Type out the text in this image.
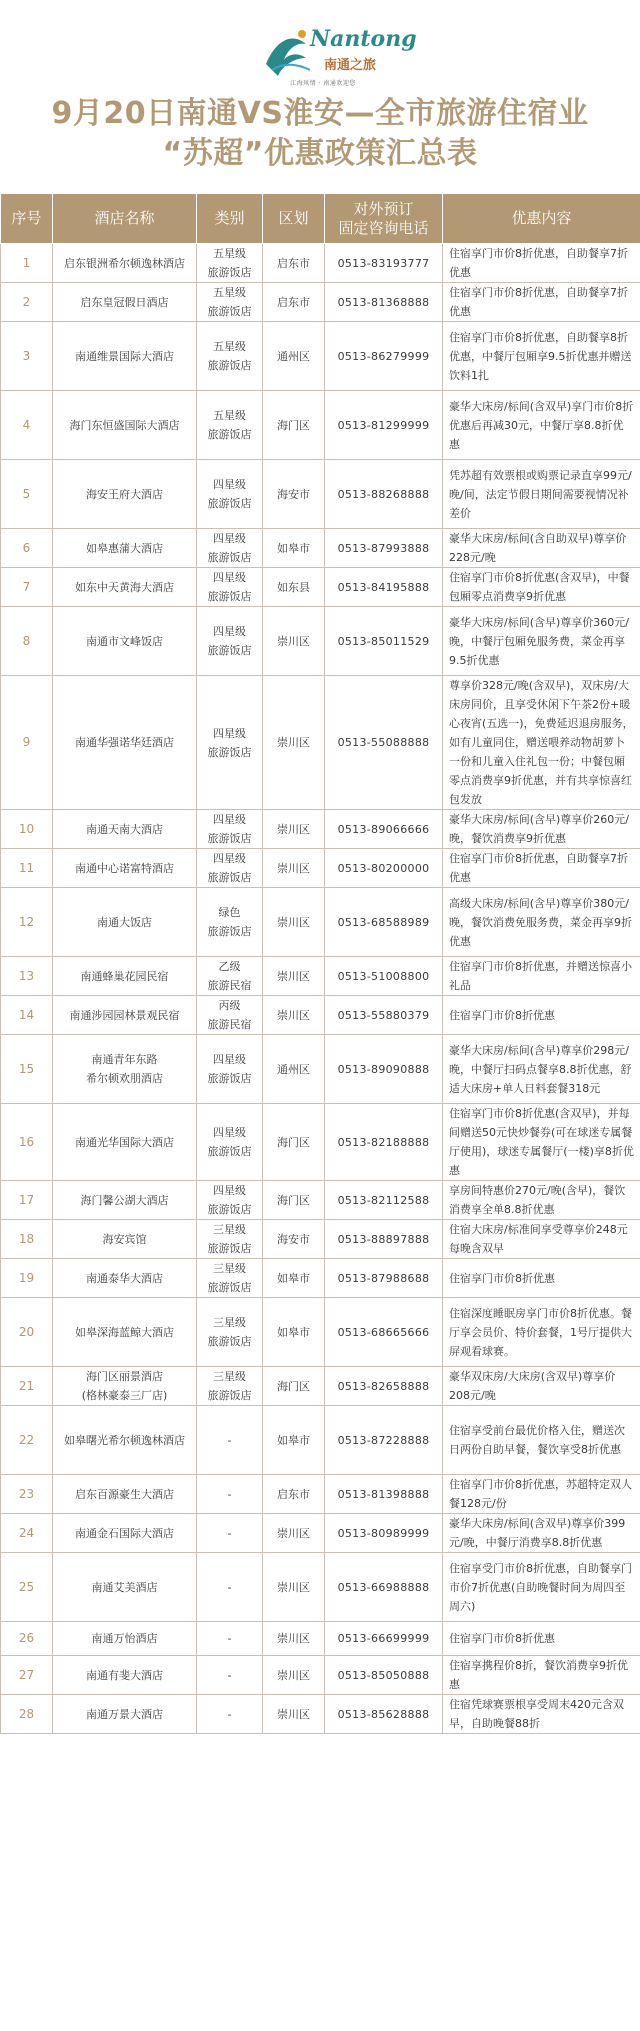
Nantong
南通之旅
江海风情 · 南通欢迎您
9月20日南通VS淮安—全市旅游住宿业
“苏超”优惠政策汇总表
序号	酒店名称	类别	区划	对外预订
固定咨询电话	优惠内容
1	启东银洲希尔顿逸林酒店	五星级
旅游饭店	启东市	0513-83193777	住宿享门市价8折优惠，自助餐享7折优惠
2	启东皇冠假日酒店	五星级
旅游饭店	启东市	0513-81368888	住宿享门市价8折优惠，自助餐享7折优惠
3	南通维景国际大酒店	五星级
旅游饭店	通州区	0513-86279999	住宿享门市价8折优惠，自助餐享8折优惠，中餐厅包厢享9.5折优惠并赠送饮料1扎
4	海门东恒盛国际大酒店	五星级
旅游饭店	海门区	0513-81299999	豪华大床房/标间(含双早)享门市价8折优惠后再减30元，中餐厅享8.8折优惠
5	海安王府大酒店	四星级
旅游饭店	海安市	0513-88268888	凭苏超有效票根或购票记录直享99元/晚/间，法定节假日期间需要视情况补差价
6	如皋惠蒲大酒店	四星级
旅游饭店	如皋市	0513-87993888	豪华大床房/标间(含自助双早)尊享价228元/晚
7	如东中天黄海大酒店	四星级
旅游饭店	如东县	0513-84195888	住宿享门市价8折优惠(含双早)，中餐包厢零点消费享9折优惠
8	南通市文峰饭店	四星级
旅游饭店	崇川区	0513-85011529	豪华大床房/标间(含早)尊享价360元/晚，中餐厅包厢免服务费，菜金再享9.5折优惠
9	南通华强诺华廷酒店	四星级
旅游饭店	崇川区	0513-55088888	尊享价328元/晚(含双早)，双床房/大床房同价，且享受休闲下午茶2份+暖心夜宵(五选一)，免费延迟退房服务，如有儿童同住，赠送喂养动物胡萝卜一份和儿童入住礼包一份；中餐包厢零点消费享9折优惠，并有共享惊喜红包发放
10	南通天南大酒店	四星级
旅游饭店	崇川区	0513-89066666	豪华大床房/标间(含早)尊享价260元/晚，餐饮消费享9折优惠
11	南通中心诺富特酒店	四星级
旅游饭店	崇川区	0513-80200000	住宿享门市价8折优惠，自助餐享7折优惠
12	南通大饭店	绿色
旅游饭店	崇川区	0513-68588989	高级大床房/标间(含早)尊享价380元/晚，餐饮消费免服务费，菜金再享9折优惠
13	南通蜂巢花园民宿	乙级
旅游民宿	崇川区	0513-51008800	住宿享门市价8折优惠，并赠送惊喜小礼品
14	南通涉园园林景观民宿	丙级
旅游民宿	崇川区	0513-55880379	住宿享门市价8折优惠
15	南通青年东路
希尔顿欢朋酒店	四星级
旅游饭店	通州区	0513-89090888	豪华大床房/标间(含早)尊享价298元/晚，中餐厅扫码点餐享8.8折优惠，舒适大床房+单人日料套餐318元
16	南通光华国际大酒店	四星级
旅游饭店	海门区	0513-82188888	住宿享门市价8折优惠(含双早)，并每间赠送50元快炒餐券(可在球迷专属餐厅使用)，球迷专属餐厅(一楼)享8折优惠
17	海门馨公湖大酒店	四星级
旅游饭店	海门区	0513-82112588	享房间特惠价270元/晚(含早)，餐饮消费享全单8.8折优惠
18	海安宾馆	三星级
旅游饭店	海安市	0513-88897888	住宿大床房/标准间享受尊享价248元每晚含双早
19	南通泰华大酒店	三星级
旅游饭店	如皋市	0513-87988688	住宿享门市价8折优惠
20	如皋深海蓝鲸大酒店	三星级
旅游饭店	如皋市	0513-68665666	住宿深度睡眠房享门市价8折优惠。餐厅享会员价、特价套餐，1号厅提供大屏观看球赛。
21	海门区丽景酒店
(格林豪泰三厂店)	三星级
旅游饭店	海门区	0513-82658888	豪华双床房/大床房(含双早)尊享价208元/晚
22	如皋曙光希尔顿逸林酒店	-	如皋市	0513-87228888	住宿享受前台最优价格入住，赠送次日两份自助早餐，餐饮享受8折优惠
23	启东百源豪生大酒店	-	启东市	0513-81398888	住宿享门市价8折优惠，苏超特定双人餐128元/份
24	南通金石国际大酒店	-	崇川区	0513-80989999	豪华大床房/标间(含双早)尊享价399元/晚，中餐厅消费享8.8折优惠
25	南通艾美酒店	-	崇川区	0513-66988888	住宿享受门市价8折优惠，自助餐享门市价7折优惠(自助晚餐时间为周四至周六)
26	南通万怡酒店	-	崇川区	0513-66699999	住宿享门市价8折优惠
27	南通有斐大酒店	-	崇川区	0513-85050888	住宿享携程价8折，餐饮消费享9折优惠
28	南通万景大酒店	-	崇川区	0513-85628888	住宿凭球赛票根享受周末420元含双早，自助晚餐88折
